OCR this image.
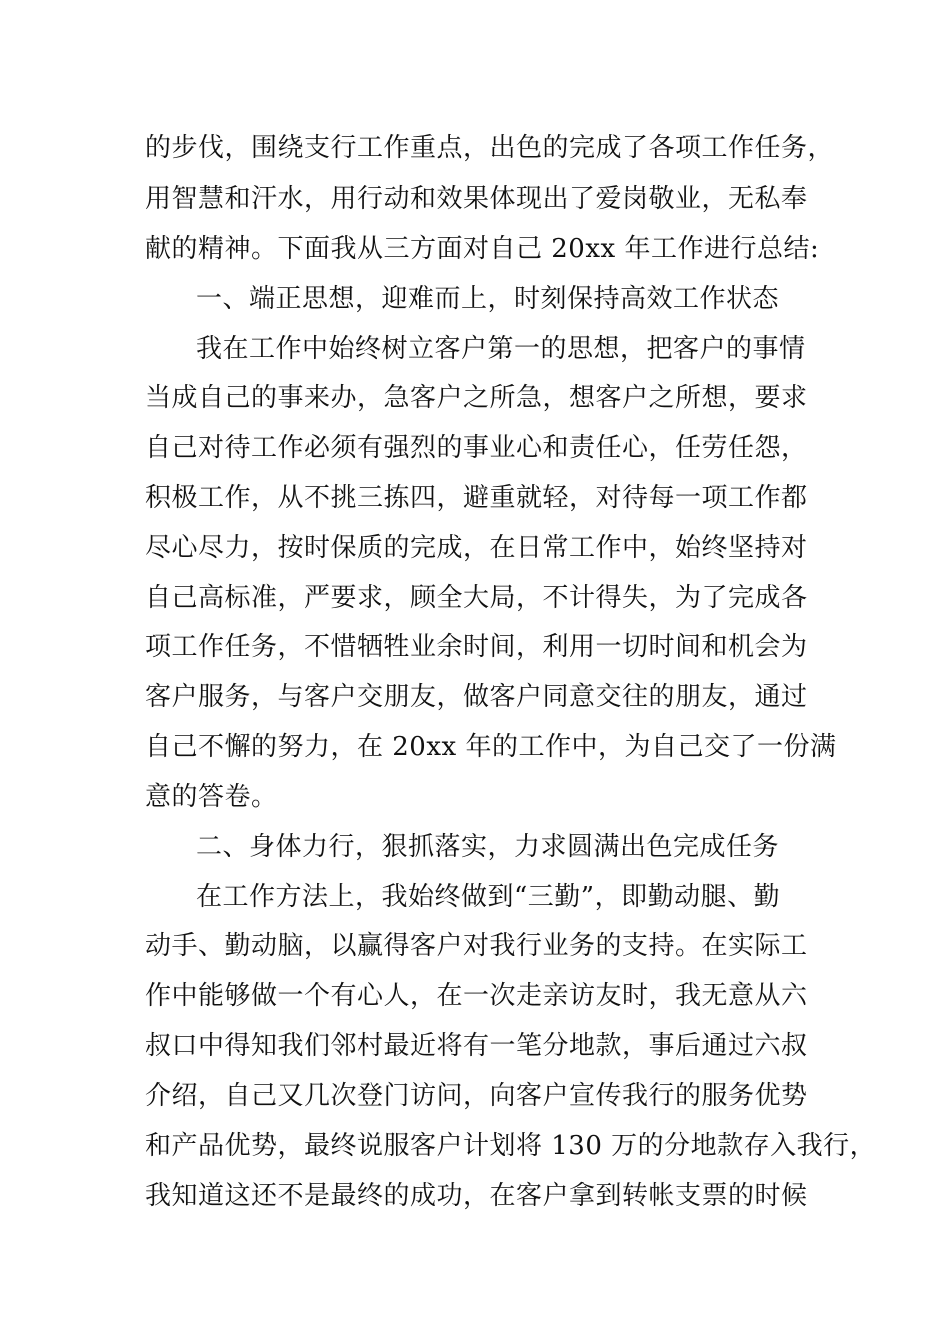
的步伐，围绕支行工作重点，出色的完成了各项工作任务，
用智慧和汗水，用行动和效果体现出了爱岗敬业，无私奉
献的精神。下面我从三方面对自己 20xx 年工作进行总结:
一、端正思想，迎难而上，时刻保持高效工作状态
我在工作中始终树立客户第一的思想，把客户的事情
当成自己的事来办，急客户之所急，想客户之所想，要求
自己对待工作必须有强烈的事业心和责任心，任劳任怨，
积极工作，从不挑三拣四，避重就轻，对待每一项工作都
尽心尽力，按时保质的完成，在日常工作中，始终坚持对
自己高标准，严要求，顾全大局，不计得失，为了完成各
项工作任务，不惜牺牲业余时间，利用一切时间和机会为
客户服务，与客户交朋友，做客户同意交往的朋友，通过
自己不懈的努力，在 20xx 年的工作中，为自己交了一份满
意的答卷。
二、身体力行，狠抓落实，力求圆满出色完成任务
在工作方法上，我始终做到“三勤”，即勤动腿、勤
动手、勤动脑，以赢得客户对我行业务的支持。在实际工
作中能够做一个有心人，在一次走亲访友时，我无意从六
叔口中得知我们邻村最近将有一笔分地款，事后通过六叔
介绍，自己又几次登门访问，向客户宣传我行的服务优势
和产品优势，最终说服客户计划将 130 万的分地款存入我行，
我知道这还不是最终的成功，在客户拿到转帐支票的时候
